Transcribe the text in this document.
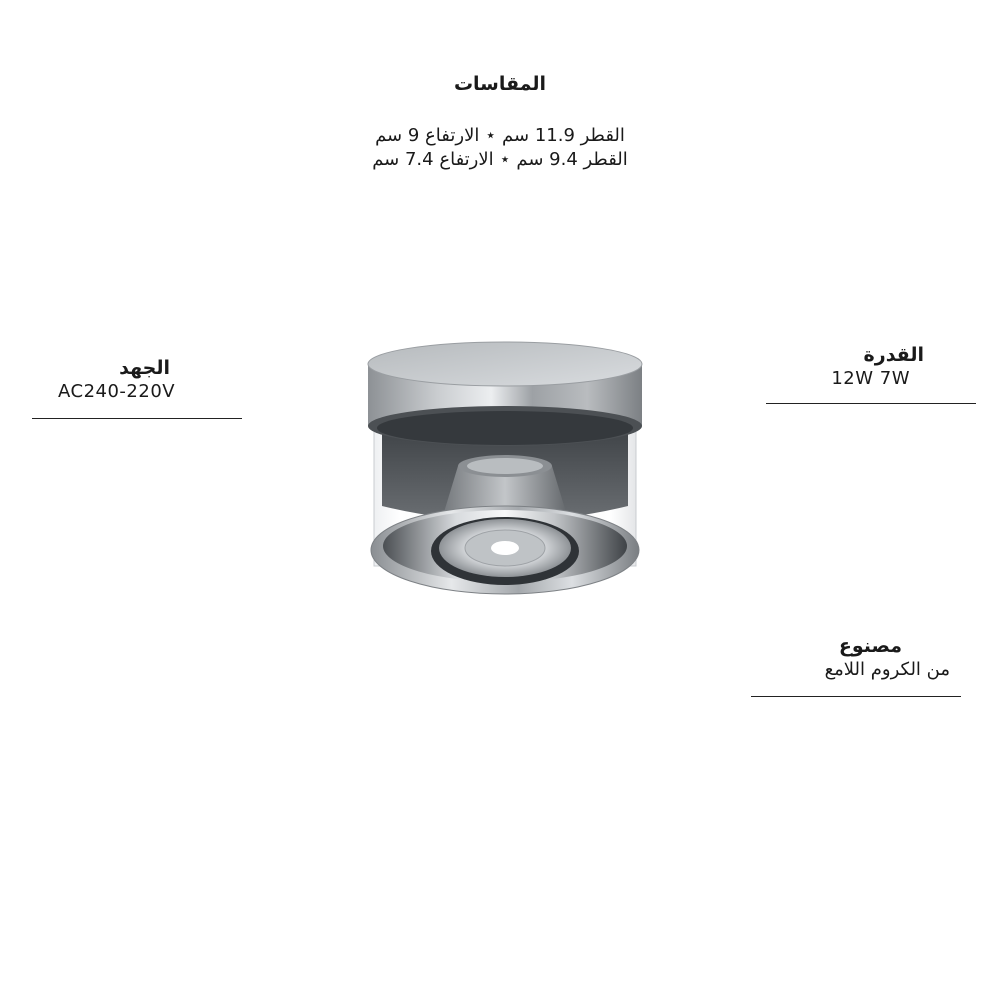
المقاسات
القطر 11.9 سم ⋆ الارتفاع 9 سم
القطر 9.4 سم ⋆ الارتفاع 7.4 سم
الجهد
AC240-220V
القدرة
12W 7W
مصنوع
من الكروم اللامع
